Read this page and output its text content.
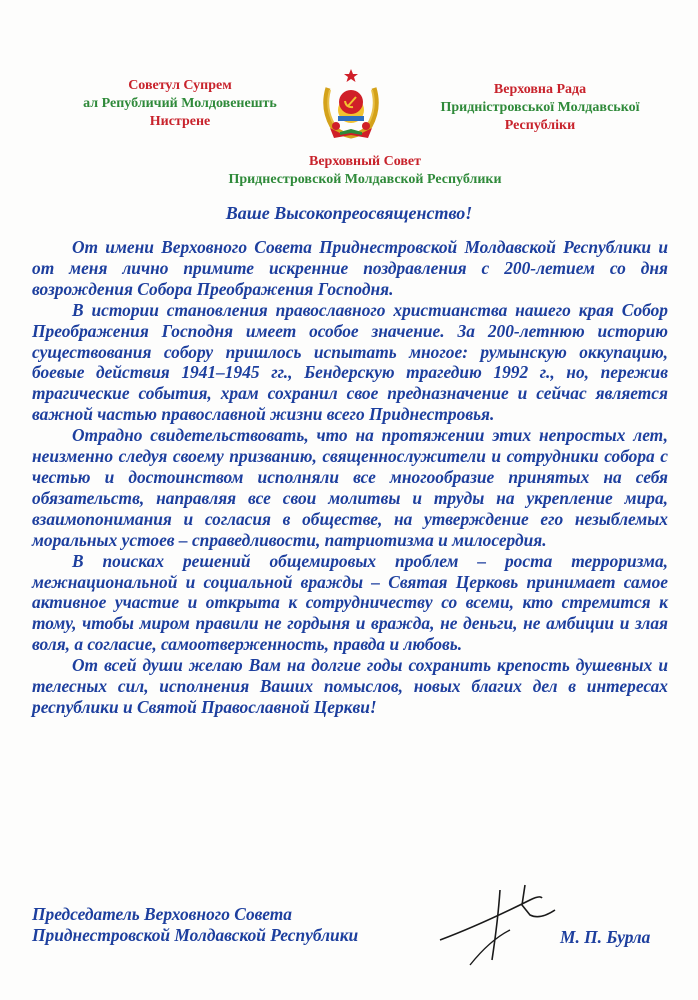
Советул Супрем
ал Републичий Молдовенешть
Нистрене
Верховна Рада
Придністровськоï Молдавськоï
Республіки
Верховный Совет
Приднестровской Молдавской Республики
Ваше Высокопреосвященство!

От имени Верховного Совета Приднестровской Молдавской Республики и от меня лично примите искренние поздравления с 200-летием со дня возрождения Собора Преображения Господня.

В истории становления православного христианства нашего края Собор Преображения Господня имеет особое значение. За 200-летнюю историю существования собору пришлось испытать многое: румынскую оккупацию, боевые действия 1941–1945 гг., Бендерскую трагедию 1992 г., но, пережив трагические события, храм сохранил свое предназначение и сейчас является важной частью православной жизни всего Приднестровья.

Отрадно свидетельствовать, что на протяжении этих непростых лет, неизменно следуя своему призванию, священнослужители и сотрудники собора с честью и достоинством исполняли все многообразие принятых на себя обязательств, направляя все свои молитвы и труды на укрепление мира, взаимопонимания и согласия в обществе, на утверждение его незыблемых моральных устоев – справедливости, патриотизма и милосердия.

В поисках решений общемировых проблем – роста терроризма, межнациональной и социальной вражды – Святая Церковь принимает самое активное участие и открыта к сотрудничеству со всеми, кто стремится к тому, чтобы миром правили не гордыня и вражда, не деньги, не амбиции и злая воля, а согласие, самоотверженность, правда и любовь.

От всей души желаю Вам на долгие годы сохранить крепость душевных и телесных сил, исполнения Ваших помыслов, новых благих дел в интересах республики и Святой Православной Церкви!

Председатель Верховного Совета
Приднестровской Молдавской Республики	М. П. Бурла
